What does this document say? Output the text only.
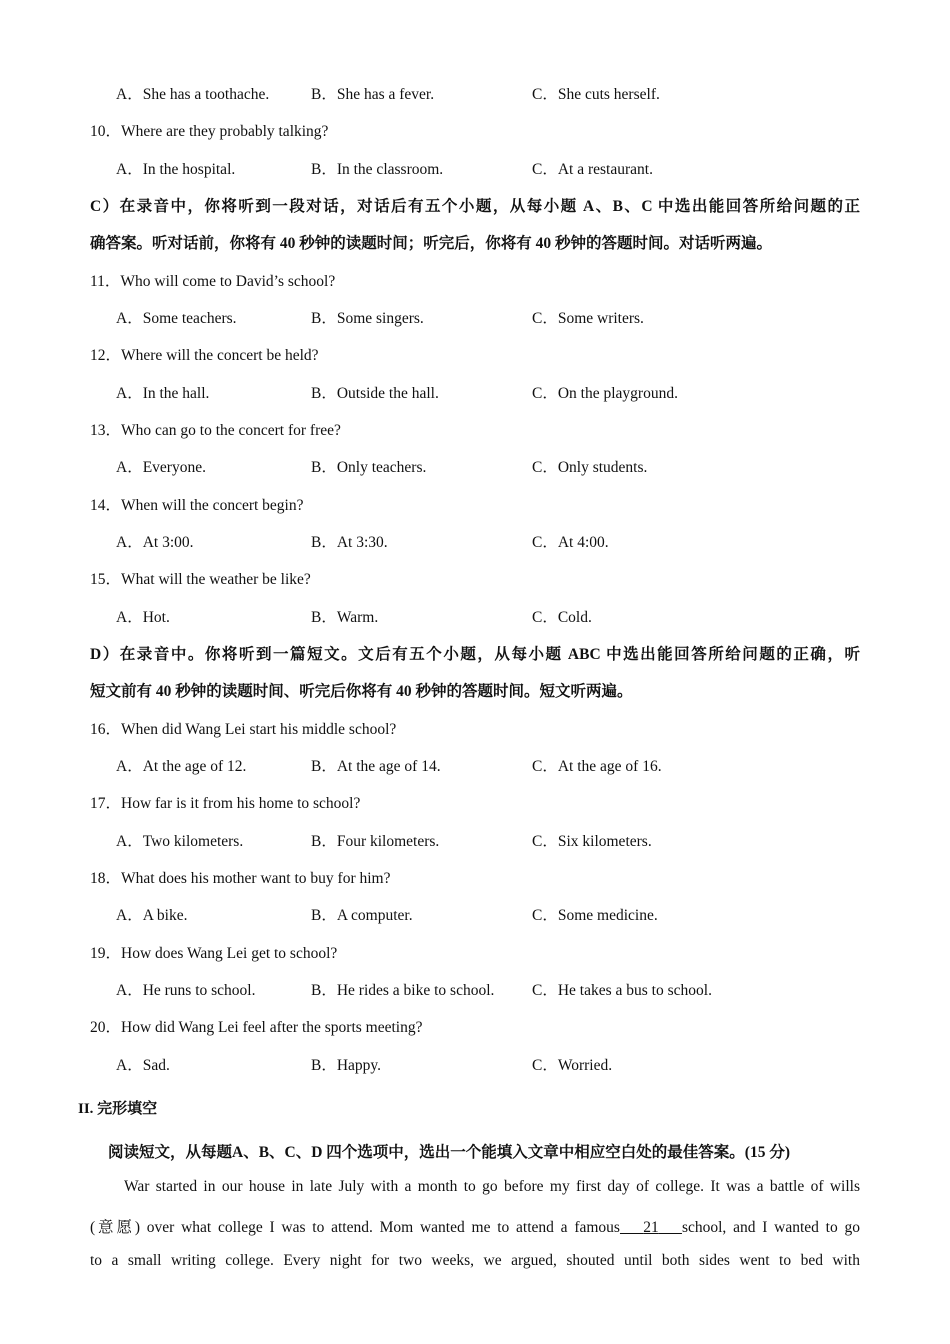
A．She has a toothache.	B．She has a fever.	C．She cuts herself.
10．Where are they probably talking?
A．In the hospital.	B．In the classroom.	C．At a restaurant.
C）在录音中，你将听到一段对话，对话后有五个小题，从每小题 A、B、C 中选出能回答所给问题的正
确答案。听对话前，你将有 40 秒钟的读题时间；听完后，你将有 40 秒钟的答题时间。对话听两遍。
11．Who will come to David’s school?
A．Some teachers.	B．Some singers.	C．Some writers.
12．Where will the concert be held?
A．In the hall.	B．Outside the hall.	C．On the playground.
13．Who can go to the concert for free?
A．Everyone.	B．Only teachers.	C．Only students.
14．When will the concert begin?
A．At 3:00.	B．At 3:30.	C．At 4:00.
15．What will the weather be like?
A．Hot.	B．Warm.	C．Cold.
D）在录音中。你将听到一篇短文。文后有五个小题，从每小题 ABC 中选出能回答所给问题的正确，听
短文前有 40 秒钟的读题时间、听完后你将有 40 秒钟的答题时间。短文听两遍。
16．When did Wang Lei start his middle school?
A．At the age of 12.	B．At the age of 14.	C．At the age of 16.
17．How far is it from his home to school?
A．Two kilometers.	B．Four kilometers.	C．Six kilometers.
18．What does his mother want to buy for him?
A．A bike.	B．A computer.	C．Some medicine.
19．How does Wang Lei get to school?
A．He runs to school.	B．He rides a bike to school. C．He takes a bus to school.
20．How did Wang Lei feel after the sports meeting?
A．Sad.	B．Happy.	C．Worried.
II. 完形填空
阅读短文，从每题A、B、C、D 四个选项中，选出一个能填入文章中相应空白处的最佳答案。(15 分)
War started in our house in late July with a month to go before my first day of college. It was a battle of wills
(意愿) over what college I was to attend. Mom wanted me to attend a famous 21 school, and I wanted to go
to a small writing college. Every night for two weeks, we argued, shouted until both sides went to bed with
